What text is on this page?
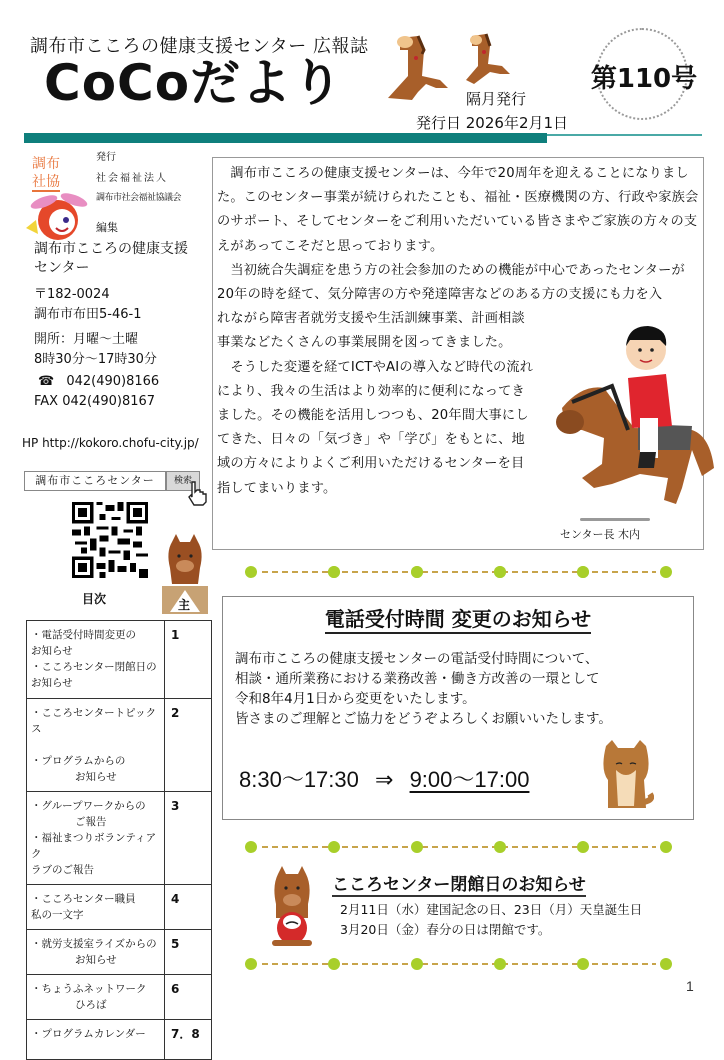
調布市こころの健康支援センター 広報誌
CoCoだより	隔月発行
発行日 2026年2月1日
第110号
調布
社協
発行
社会福祉法人
調布市社会福祉協議会
編集
調布市こころの健康支援センター
〒182-0024
調布市布田5-46-1
開所：月曜～土曜
8時30分～17時30分
☎ 042(490)8166
FAX 042(490)8167
HP http://kokoro.chofu-city.jp/
調布市こころセンター	検索
主
目次
・電話受付時間変更の
お知らせ
・こころセンター閉館日の
お知らせ	1
・こころセンタートピックス

・プログラムからの
お知らせ	2
・グループワークからの
ご報告
・福祉まつりボランティアク
ラブのご報告	3
・こころセンター職員
私の一文字	4
・就労支援室ライズからの
お知らせ	5
・ちょうふネットワーク
ひろば	6
・プログラムカレンダー	7．8

　調布市こころの健康支援センターは、今年で20周年を迎えることになりました。このセンター事業が続けられたことも、福祉・医療機関の方、行政や家族会のサポート、そしてセンターをご利用いただいている皆さまやご家族の方々の支えがあってこそだと思っております。

　当初統合失調症を患う方の社会参加のための機能が中心であったセンターが20年の時を経て、気分障害の方や発達障害などのある方の支援にも力を入

れながら障害者就労支援や生活訓練事業、計画相談事業などたくさんの事業展開を図ってきました。

　そうした変遷を経てICTやAIの導入など時代の流れにより、我々の生活はより効率的に便利になってきました。その機能を活用しつつも、20年間大事にしてきた、日々の「気づき」や「学び」をもとに、地域の方々によりよくご利用いただけるセンターを目指してまいります。

センター長 木内
電話受付時間 変更のお知らせ
調布市こころの健康支援センターの電話受付時間について、
相談・通所業務における業務改善・働き方改善の一環として
令和8年4月1日から変更をいたします。
皆さまのご理解とご協力をどうぞよろしくお願いいたします。
8:30～17:30 ⇒ 9:00～17:00
こころセンター閉館日のお知らせ
2月11日（水）建国記念の日、23日（月）天皇誕生日
3月20日（金）春分の日は閉館です。
1
